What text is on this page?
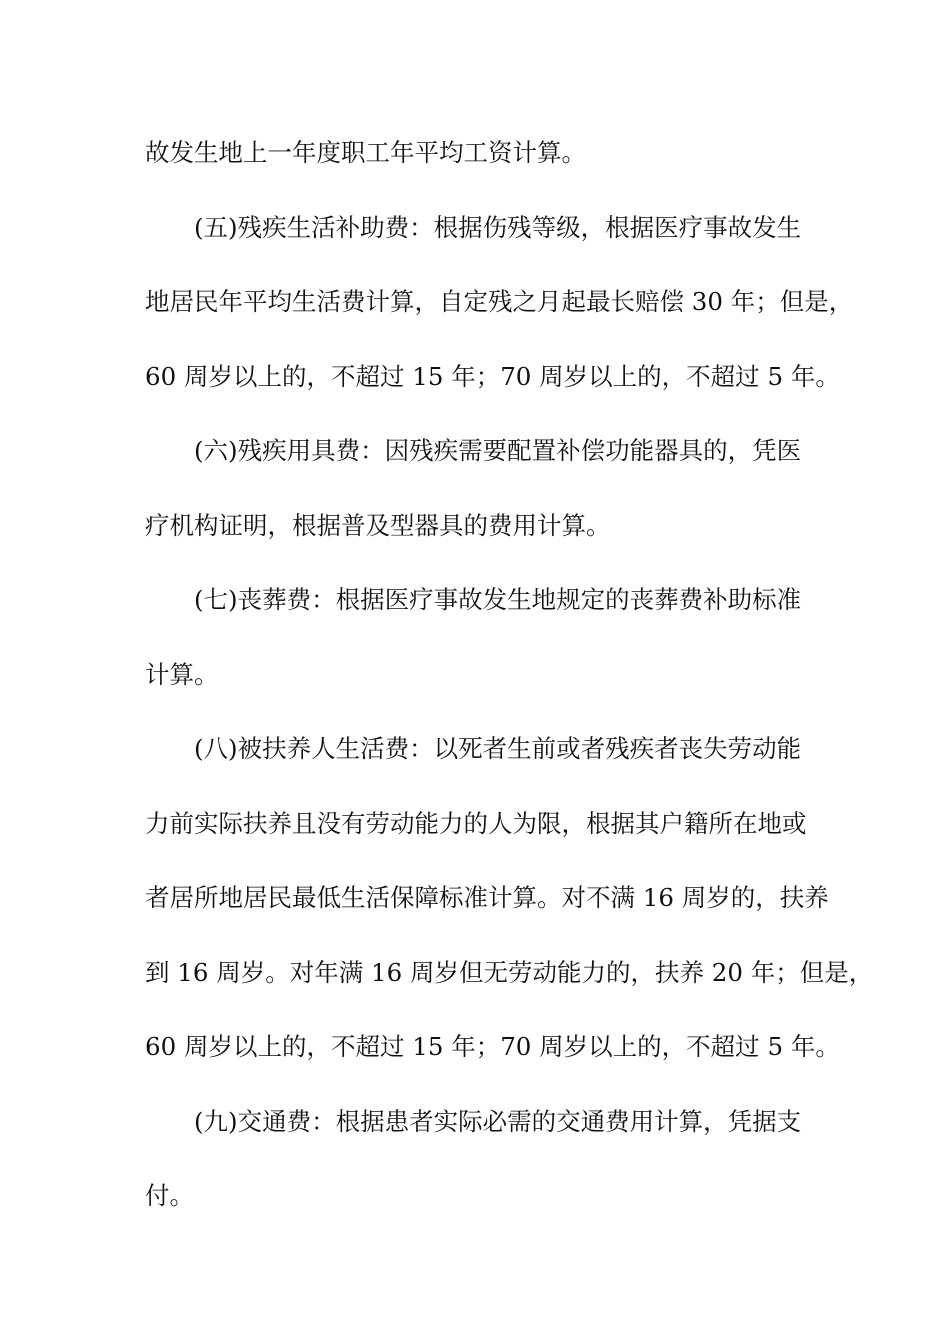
故发生地上一年度职工年平均工资计算。
(五)残疾生活补助费：根据伤残等级，根据医疗事故发生
地居民年平均生活费计算，自定残之月起最长赔偿 30 年；但是，
60 周岁以上的，不超过 15 年；70 周岁以上的，不超过 5 年。
(六)残疾用具费：因残疾需要配置补偿功能器具的，凭医
疗机构证明，根据普及型器具的费用计算。
(七)丧葬费：根据医疗事故发生地规定的丧葬费补助标准
计算。
(八)被扶养人生活费：以死者生前或者残疾者丧失劳动能
力前实际扶养且没有劳动能力的人为限，根据其户籍所在地或
者居所地居民最低生活保障标准计算。对不满 16 周岁的，扶养
到 16 周岁。对年满 16 周岁但无劳动能力的，扶养 20 年；但是，
60 周岁以上的，不超过 15 年；70 周岁以上的，不超过 5 年。
(九)交通费：根据患者实际必需的交通费用计算，凭据支
付。
